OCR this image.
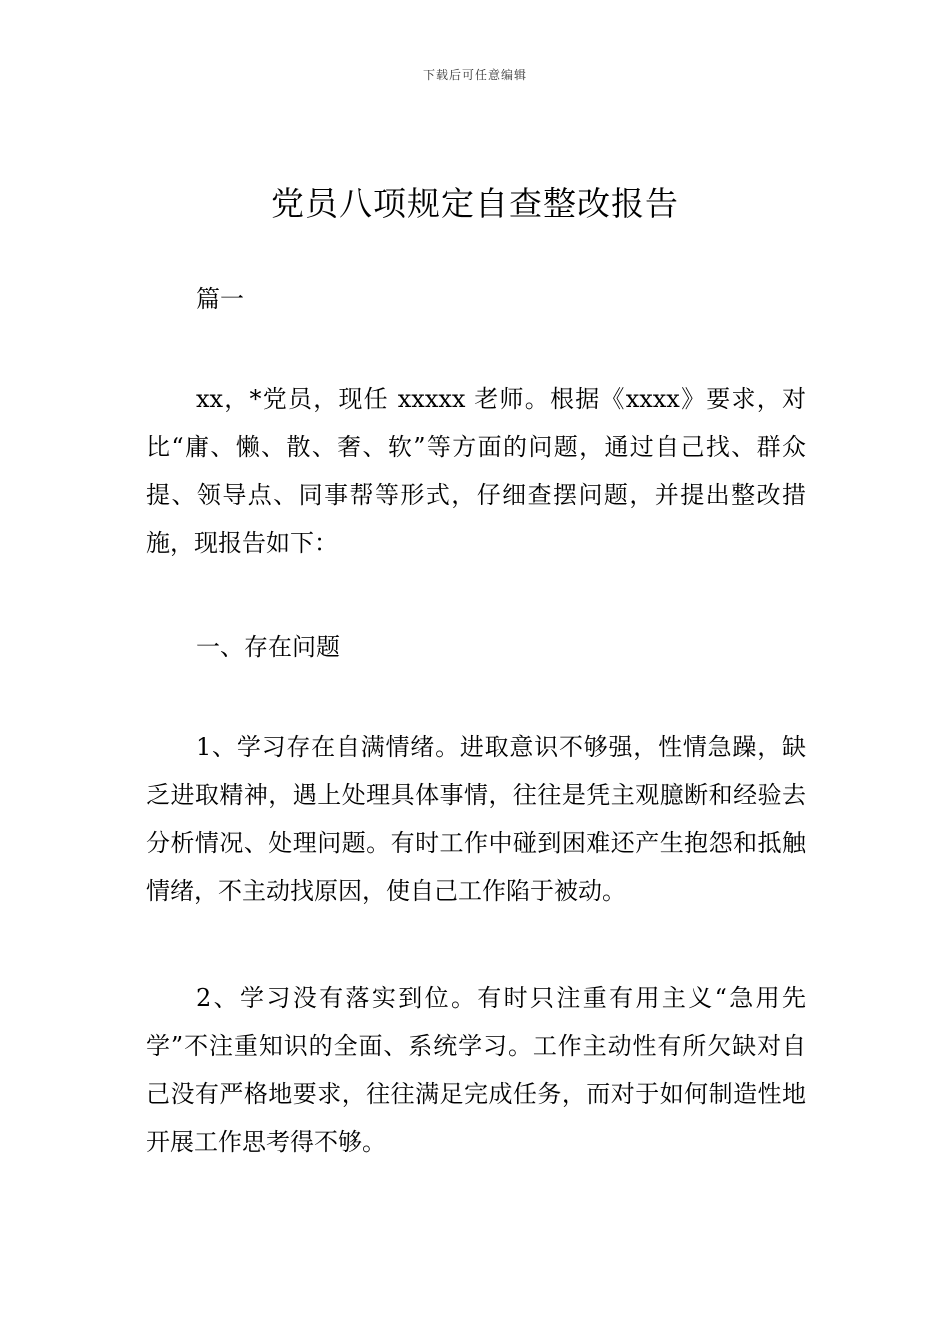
下载后可任意编辑
党员八项规定自查整改报告
篇一

xx，*党员，现任 xxxxx 老师。根据《xxxx》要求，对比“庸、懒、散、奢、软”等方面的问题，通过自己找、群众提、领导点、同事帮等形式，仔细查摆问题，并提出整改措施，现报告如下：

一、存在问题

1、学习存在自满情绪。进取意识不够强，性情急躁，缺乏进取精神，遇上处理具体事情，往往是凭主观臆断和经验去分析情况、处理问题。有时工作中碰到困难还产生抱怨和抵触情绪，不主动找原因，使自己工作陷于被动。

2、学习没有落实到位。有时只注重有用主义“急用先学”不注重知识的全面、系统学习。工作主动性有所欠缺对自己没有严格地要求，往往满足完成任务，而对于如何制造性地开展工作思考得不够。
